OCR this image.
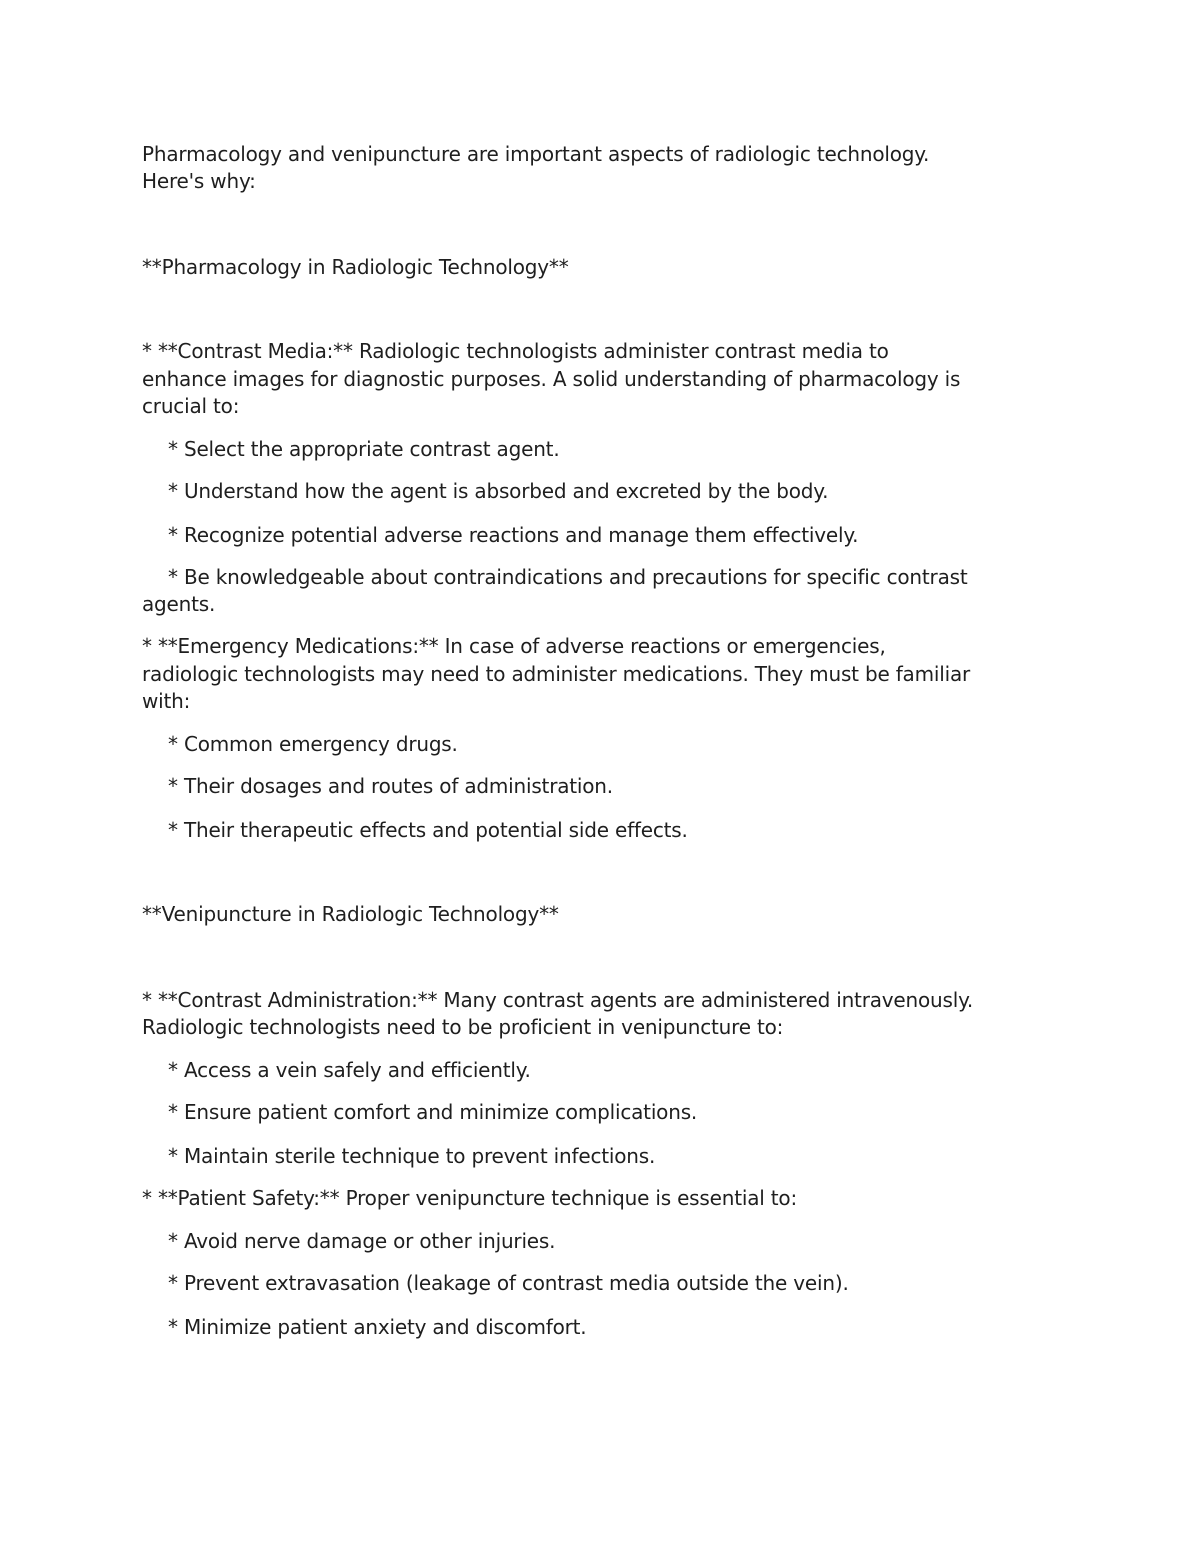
Pharmacology and venipuncture are important aspects of radiologic technology.
Here's why:
**Pharmacology in Radiologic Technology**
* **Contrast Media:** Radiologic technologists administer contrast media to
enhance images for diagnostic purposes. A solid understanding of pharmacology is
crucial to:
* Select the appropriate contrast agent.
* Understand how the agent is absorbed and excreted by the body.
* Recognize potential adverse reactions and manage them effectively.
* Be knowledgeable about contraindications and precautions for specific contrast
agents.
* **Emergency Medications:** In case of adverse reactions or emergencies,
radiologic technologists may need to administer medications. They must be familiar
with:
* Common emergency drugs.
* Their dosages and routes of administration.
* Their therapeutic effects and potential side effects.
**Venipuncture in Radiologic Technology**
* **Contrast Administration:** Many contrast agents are administered intravenously.
Radiologic technologists need to be proficient in venipuncture to:
* Access a vein safely and efficiently.
* Ensure patient comfort and minimize complications.
* Maintain sterile technique to prevent infections.
* **Patient Safety:** Proper venipuncture technique is essential to:
* Avoid nerve damage or other injuries.
* Prevent extravasation (leakage of contrast media outside the vein).
* Minimize patient anxiety and discomfort.
